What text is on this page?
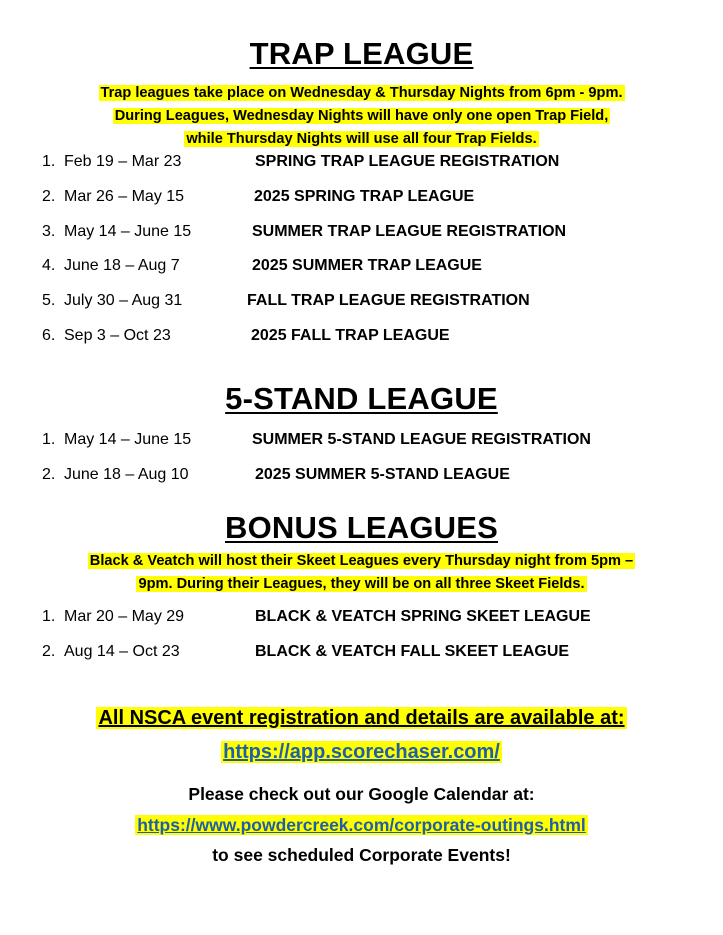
TRAP LEAGUE
Trap leagues take place on Wednesday & Thursday Nights from 6pm - 9pm.
During Leagues, Wednesday Nights will have only one open Trap Field,
while Thursday Nights will use all four Trap Fields.
1. Feb 19 – Mar 23	SPRING TRAP LEAGUE REGISTRATION
2. Mar 26 – May 15	2025 SPRING TRAP LEAGUE
3. May 14 – June 15	SUMMER TRAP LEAGUE REGISTRATION
4. June 18 – Aug 7	2025 SUMMER TRAP LEAGUE
5. July 30 – Aug 31	FALL TRAP LEAGUE REGISTRATION
6. Sep 3 – Oct 23	2025 FALL TRAP LEAGUE
5-STAND LEAGUE
1. May 14 – June 15	SUMMER 5-STAND LEAGUE REGISTRATION
2. June 18 – Aug 10	2025 SUMMER 5-STAND LEAGUE
BONUS LEAGUES
Black & Veatch will host their Skeet Leagues every Thursday night from 5pm –
9pm. During their Leagues, they will be on all three Skeet Fields.
1. Mar 20 – May 29	BLACK & VEATCH SPRING SKEET LEAGUE
2. Aug 14 – Oct 23	BLACK & VEATCH FALL SKEET LEAGUE
All NSCA event registration and details are available at:
https://app.scorechaser.com/
Please check out our Google Calendar at:
https://www.powdercreek.com/corporate-outings.html
to see scheduled Corporate Events!
